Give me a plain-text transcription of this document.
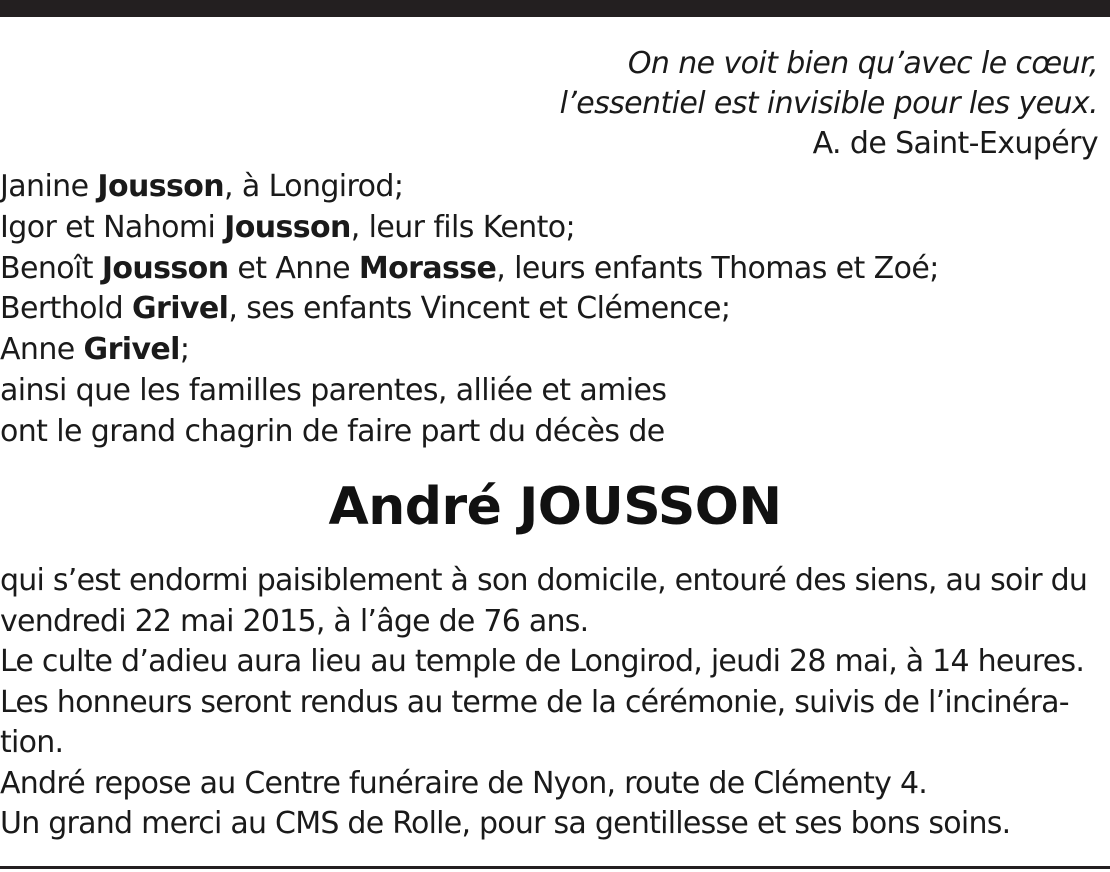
On ne voit bien qu’avec le cœur,
l’essentiel est invisible pour les yeux.
A. de Saint-Exupéry
Janine Jousson, à Longirod;
Igor et Nahomi Jousson, leur fils Kento;
Benoît Jousson et Anne Morasse, leurs enfants Thomas et Zoé;
Berthold Grivel, ses enfants Vincent et Clémence;
Anne Grivel;
ainsi que les familles parentes, alliée et amies
ont le grand chagrin de faire part du décès de
André JOUSSON
qui s’est endormi paisiblement à son domicile, entouré des siens, au soir du
vendredi 22 mai 2015, à l’âge de 76 ans.
Le culte d’adieu aura lieu au temple de Longirod, jeudi 28 mai, à 14 heures.
Les honneurs seront rendus au terme de la cérémonie, suivis de l’incinéra-
tion.
André repose au Centre funéraire de Nyon, route de Clémenty 4.
Un grand merci au CMS de Rolle, pour sa gentillesse et ses bons soins.
